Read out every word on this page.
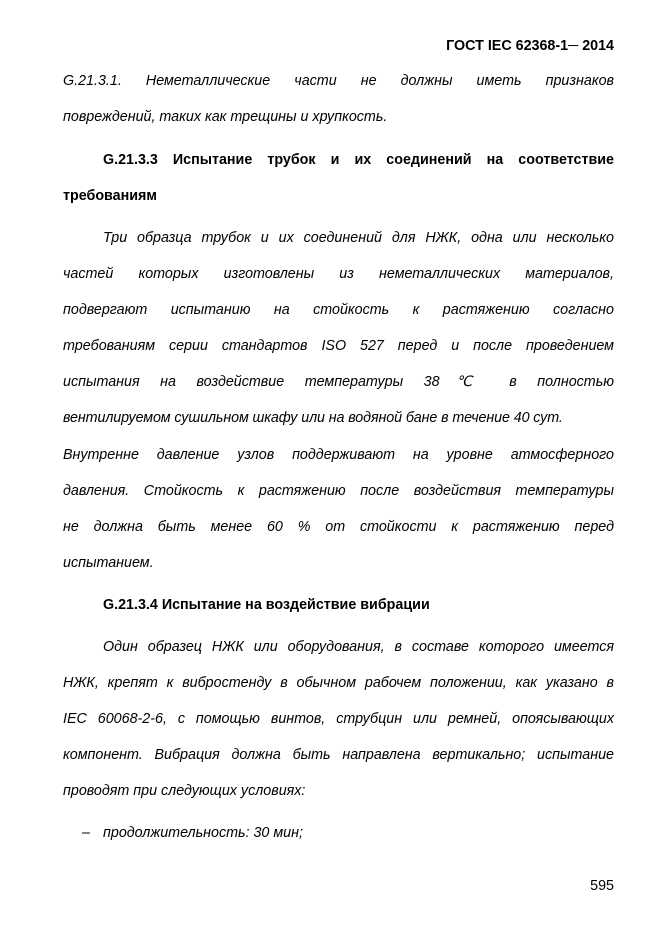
ГОСТ IEC 62368-1─ 2014
G.21.3.1. Неметаллические части не должны иметь признаков
повреждений, таких как трещины и хрупкость.
G.21.3.3 Испытание трубок и их соединений на соответствие
требованиям
Три образца трубок и их соединений для НЖК, одна или несколько
частей которых изготовлены из неметаллических материалов,
подвергают испытанию на стойкость к растяжению согласно
требованиям серии стандартов ISO 527 перед и после проведением
испытания на воздействие температуры 38℃ в полностью
вентилируемом сушильном шкафу или на водяной бане в течение 40 сут.
Внутренне давление узлов поддерживают на уровне атмосферного
давления. Стойкость к растяжению после воздействия температуры
не должна быть менее 60 % от стойкости к растяжению перед
испытанием.
G.21.3.4 Испытание на воздействие вибрации
Один образец НЖК или оборудования, в составе которого имеется
НЖК, крепят к вибростенду в обычном рабочем положении, как указано в
IEC 60068-2-6, с помощью винтов, струбцин или ремней, опоясывающих
компонент. Вибрация должна быть направлена вертикально; испытание
проводят при следующих условиях:
– продолжительность: 30 мин;
595
